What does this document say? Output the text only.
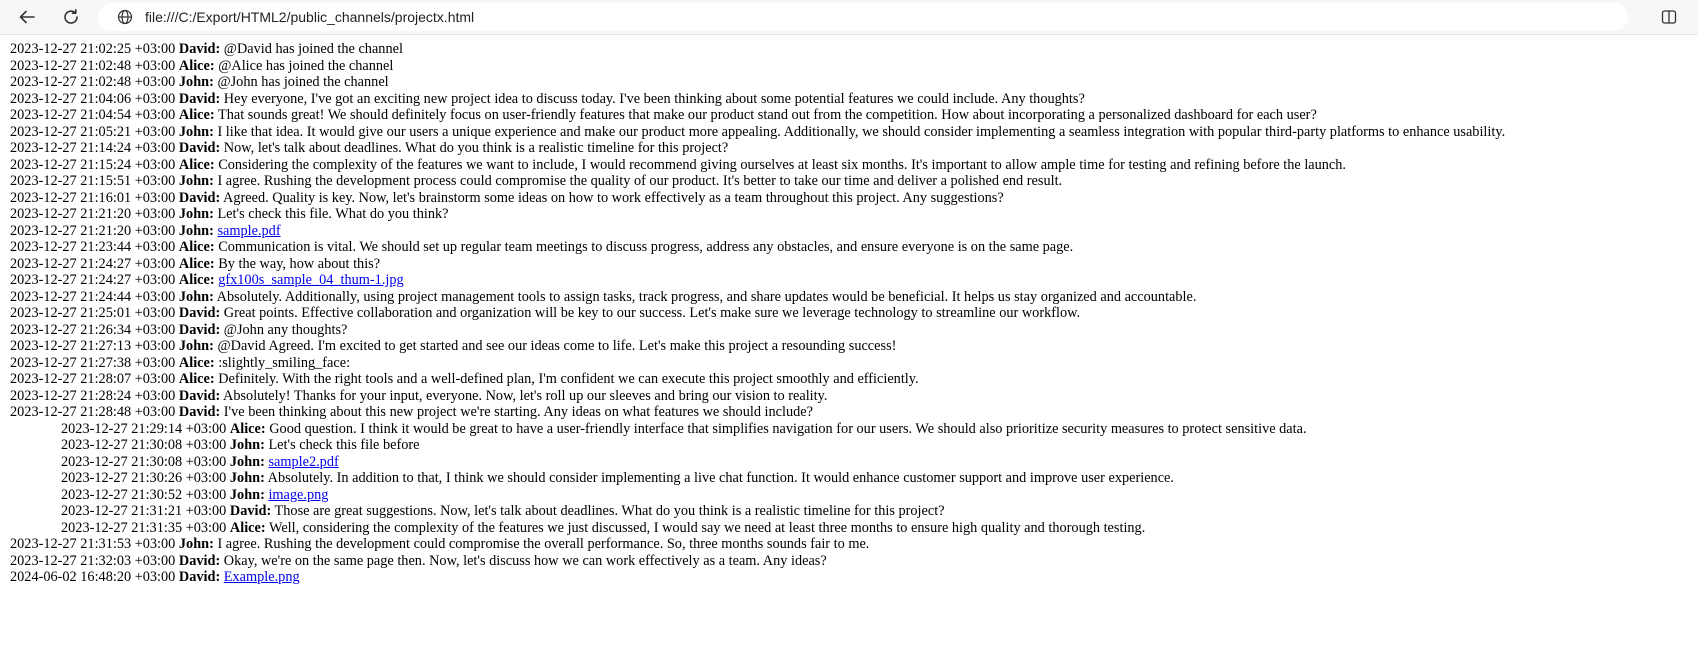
file:///C:/Export/HTML2/public_channels/projectx.html
2023-12-27 21:02:25 +03:00 David: @David has joined the channel
2023-12-27 21:02:48 +03:00 Alice: @Alice has joined the channel
2023-12-27 21:02:48 +03:00 John: @John has joined the channel
2023-12-27 21:04:06 +03:00 David: Hey everyone, I've got an exciting new project idea to discuss today. I've been thinking about some potential features we could include. Any thoughts?
2023-12-27 21:04:54 +03:00 Alice: That sounds great! We should definitely focus on user-friendly features that make our product stand out from the competition. How about incorporating a personalized dashboard for each user?
2023-12-27 21:05:21 +03:00 John: I like that idea. It would give our users a unique experience and make our product more appealing. Additionally, we should consider implementing a seamless integration with popular third-party platforms to enhance usability.
2023-12-27 21:14:24 +03:00 David: Now, let's talk about deadlines. What do you think is a realistic timeline for this project?
2023-12-27 21:15:24 +03:00 Alice: Considering the complexity of the features we want to include, I would recommend giving ourselves at least six months. It's important to allow ample time for testing and refining before the launch.
2023-12-27 21:15:51 +03:00 John: I agree. Rushing the development process could compromise the quality of our product. It's better to take our time and deliver a polished end result.
2023-12-27 21:16:01 +03:00 David: Agreed. Quality is key. Now, let's brainstorm some ideas on how to work effectively as a team throughout this project. Any suggestions?
2023-12-27 21:21:20 +03:00 John: Let's check this file. What do you think?
2023-12-27 21:21:20 +03:00 John: sample.pdf
2023-12-27 21:23:44 +03:00 Alice: Communication is vital. We should set up regular team meetings to discuss progress, address any obstacles, and ensure everyone is on the same page.
2023-12-27 21:24:27 +03:00 Alice: By the way, how about this?
2023-12-27 21:24:27 +03:00 Alice: gfx100s_sample_04_thum-1.jpg
2023-12-27 21:24:44 +03:00 John: Absolutely. Additionally, using project management tools to assign tasks, track progress, and share updates would be beneficial. It helps us stay organized and accountable.
2023-12-27 21:25:01 +03:00 David: Great points. Effective collaboration and organization will be key to our success. Let's make sure we leverage technology to streamline our workflow.
2023-12-27 21:26:34 +03:00 David: @John any thoughts?
2023-12-27 21:27:13 +03:00 John: @David Agreed. I'm excited to get started and see our ideas come to life. Let's make this project a resounding success!
2023-12-27 21:27:38 +03:00 Alice: :slightly_smiling_face:
2023-12-27 21:28:07 +03:00 Alice: Definitely. With the right tools and a well-defined plan, I'm confident we can execute this project smoothly and efficiently.
2023-12-27 21:28:24 +03:00 David: Absolutely! Thanks for your input, everyone. Now, let's roll up our sleeves and bring our vision to reality.
2023-12-27 21:28:48 +03:00 David: I've been thinking about this new project we're starting. Any ideas on what features we should include?
2023-12-27 21:29:14 +03:00 Alice: Good question. I think it would be great to have a user-friendly interface that simplifies navigation for our users. We should also prioritize security measures to protect sensitive data.
2023-12-27 21:30:08 +03:00 John: Let's check this file before
2023-12-27 21:30:08 +03:00 John: sample2.pdf
2023-12-27 21:30:26 +03:00 John: Absolutely. In addition to that, I think we should consider implementing a live chat function. It would enhance customer support and improve user experience.
2023-12-27 21:30:52 +03:00 John: image.png
2023-12-27 21:31:21 +03:00 David: Those are great suggestions. Now, let's talk about deadlines. What do you think is a realistic timeline for this project?
2023-12-27 21:31:35 +03:00 Alice: Well, considering the complexity of the features we just discussed, I would say we need at least three months to ensure high quality and thorough testing.
2023-12-27 21:31:53 +03:00 John: I agree. Rushing the development could compromise the overall performance. So, three months sounds fair to me.
2023-12-27 21:32:03 +03:00 David: Okay, we're on the same page then. Now, let's discuss how we can work effectively as a team. Any ideas?
2024-06-02 16:48:20 +03:00 David: Example.png
